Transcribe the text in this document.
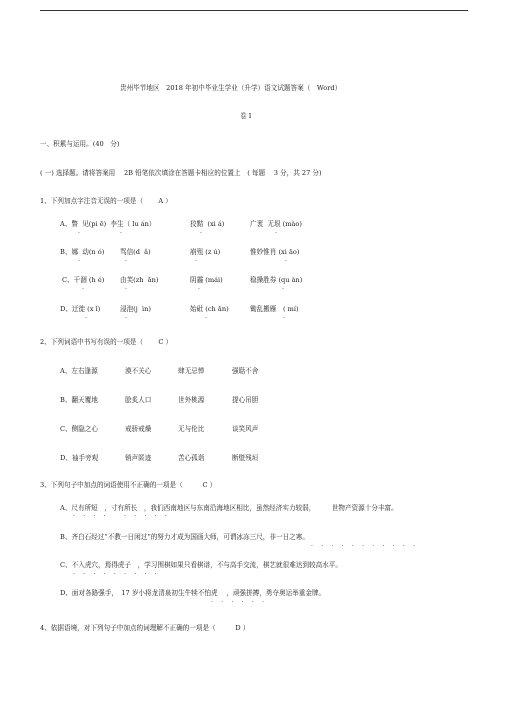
贵州毕节地区　2018 年初中毕业生学业（升学）语文试题答案（　Word）
卷 I
一、积累与运用。(40　分)
( 一) 选择题。请将答案用　 2B 铅笔依次填涂在答题卡相应的位置上　( 每题　 3 分，共 27 分)
1、下列加点字注音无误的一项是（　　 A ）
A、瞥  见(pi ē)  李生（ lu án）	狡黠  (xi á)	广袤  无垠 (mào)
·	·	·	·
B、娜  动(n ó) 骂信(d  ǎ)	崩殂 (z ú)	惟妙惟肖 (xi āo)
·	·	·	·
C、干涸 (h é) 由芙(zh  ǎn)	阴霾 (mái)	稳操胜券 (qu àn)
·	·	·	·
D、迂徙 (x ǐ)	浸泡(j  ìn)	始砒 (ch ǎn)	锄乱搬雁　( mí)
·	·	·	·
2、下列词语中书写有误的一项是（　　 C ）
A、左右逢源	漠不关心	肆无忌惮	强聒不舍
B、翻天覆地	脍炙人口	世外桃源	提心吊胆
C、侧隐之心	戒骄戒燥	无与伦比	谈笑风声
D、袖手旁观	销声匿迹	苦心孤诣	断壁残垣
3、下列句子中加点的词语使用不正确的一项是（　　　C ）
A、尺有所短　，寸有所长　，我们西南地区与东南沿海地区相比，虽然经济实力较弱，　　　世物产资源十分丰富。
· · · ·   · · · · ·
B、齐白石经过“不教一日闲过”的努力才成为国画大师，可谓冰冻三尺，非一日之寒。
· · · · · · · · · · ·
C、不入虎穴，焉得虎子　，学习围棋如果只看棋谱，不与高手交流，棋艺就很难达到较高水平。
· · · · · · · · ·
D、面对各路强手，　17 岁小将龙清泉初生牛犊不怕虎　 ，顽强拼搏，勇夺奥运举重金牌。
· · · · · ·
4、依据语境，对下列句子中加点的词理解不正确的一项是（　　　D ）
